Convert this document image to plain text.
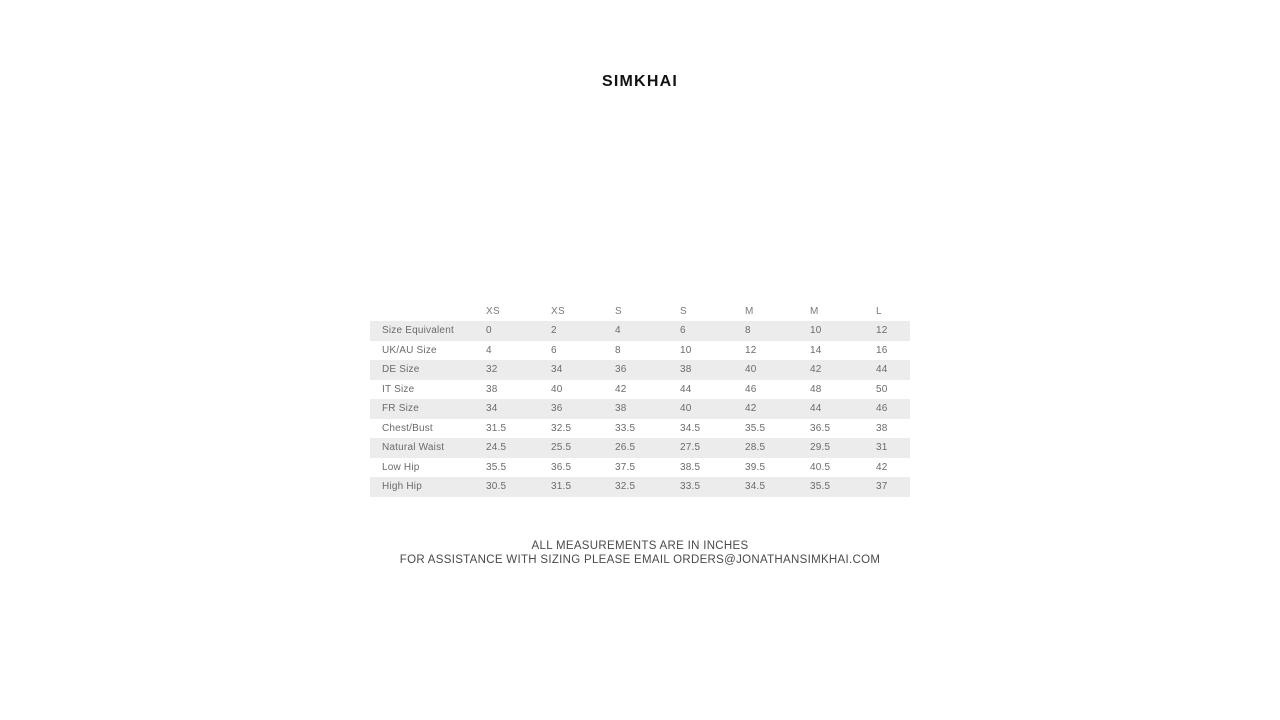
SIMKHAI
	XS	XS	S	S	M	M	L
Size Equivalent	0	2	4	6	8	10	12
UK/AU Size	4	6	8	10	12	14	16
DE Size	32	34	36	38	40	42	44
IT Size	38	40	42	44	46	48	50
FR Size	34	36	38	40	42	44	46
Chest/Bust	31.5	32.5	33.5	34.5	35.5	36.5	38
Natural Waist	24.5	25.5	26.5	27.5	28.5	29.5	31
Low Hip	35.5	36.5	37.5	38.5	39.5	40.5	42
High Hip	30.5	31.5	32.5	33.5	34.5	35.5	37
ALL MEASUREMENTS ARE IN INCHES
FOR ASSISTANCE WITH SIZING PLEASE EMAIL ORDERS@JONATHANSIMKHAI.COM
